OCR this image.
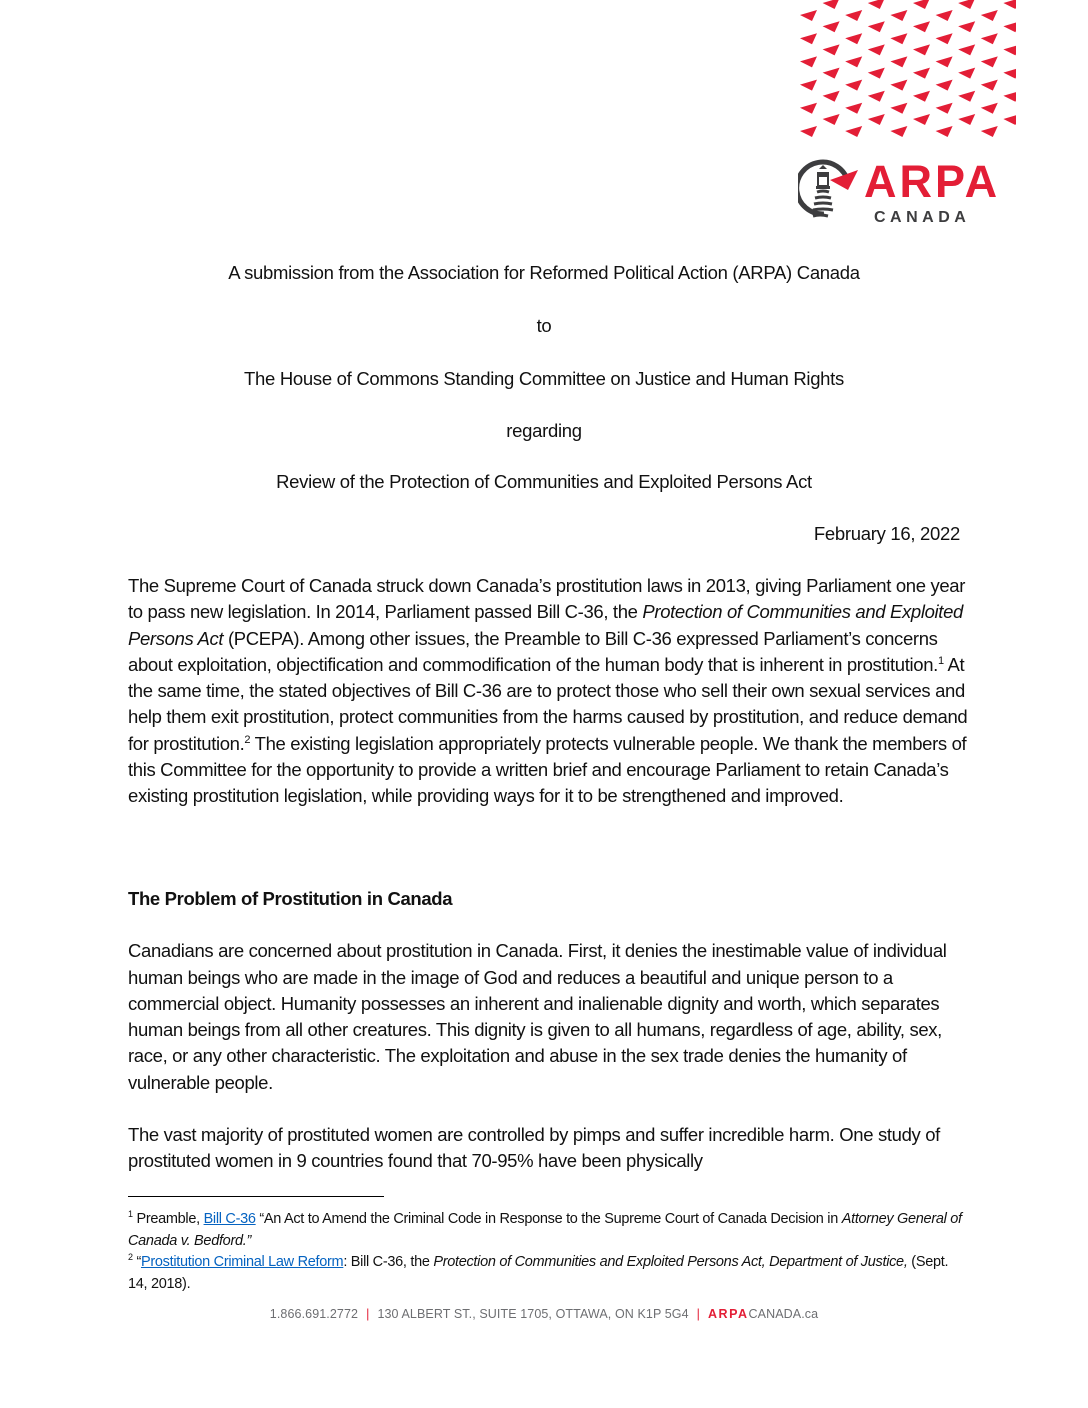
ARPA
CANADA
A submission from the Association for Reformed Political Action (ARPA) Canada
to
The House of Commons Standing Committee on Justice and Human Rights
regarding
Review of the Protection of Communities and Exploited Persons Act
February 16, 2022

The Supreme Court of Canada struck down Canada’s prostitution laws in 2013, giving Parliament one year to pass new legislation. In 2014, Parliament passed Bill C-36, the Protection of Communities and Exploited Persons Act (PCEPA). Among other issues, the Preamble to Bill C-36 expressed Parliament’s concerns about exploitation, objectification and commodification of the human body that is inherent in prostitution.$^1$ At the same time, the stated objectives of Bill C-36 are to protect those who sell their own sexual services and help them exit prostitution, protect communities from the harms caused by prostitution, and reduce demand for prostitution.$^2$ The existing legislation appropriately protects vulnerable people. We thank the members of this Committee for the opportunity to provide a written brief and encourage Parliament to retain Canada’s existing prostitution legislation, while providing ways for it to be strengthened and improved.

The Problem of Prostitution in Canada

Canadians are concerned about prostitution in Canada. First, it denies the inestimable value of individual human beings who are made in the image of God and reduces a beautiful and unique person to a commercial object. Humanity possesses an inherent and inalienable dignity and worth, which separates human beings from all other creatures. This dignity is given to all humans, regardless of age, ability, sex, race, or any other characteristic. The exploitation and abuse in the sex trade denies the humanity of vulnerable people.

The vast majority of prostituted women are controlled by pimps and suffer incredible harm. One study of prostituted women in 9 countries found that 70-95% have been physically

$^1$ Preamble, Bill C-36 “An Act to Amend the Criminal Code in Response to the Supreme Court of Canada Decision in Attorney General of Canada v. Bedford.”

$^2$ “Prostitution Criminal Law Reform: Bill C-36, the Protection of Communities and Exploited Persons Act, Department of Justice, (Sept. 14, 2018).

1.866.691.2772 | 130 ALBERT ST., SUITE 1705, OTTAWA, ON K1P 5G4 | ARPACANADA.ca
